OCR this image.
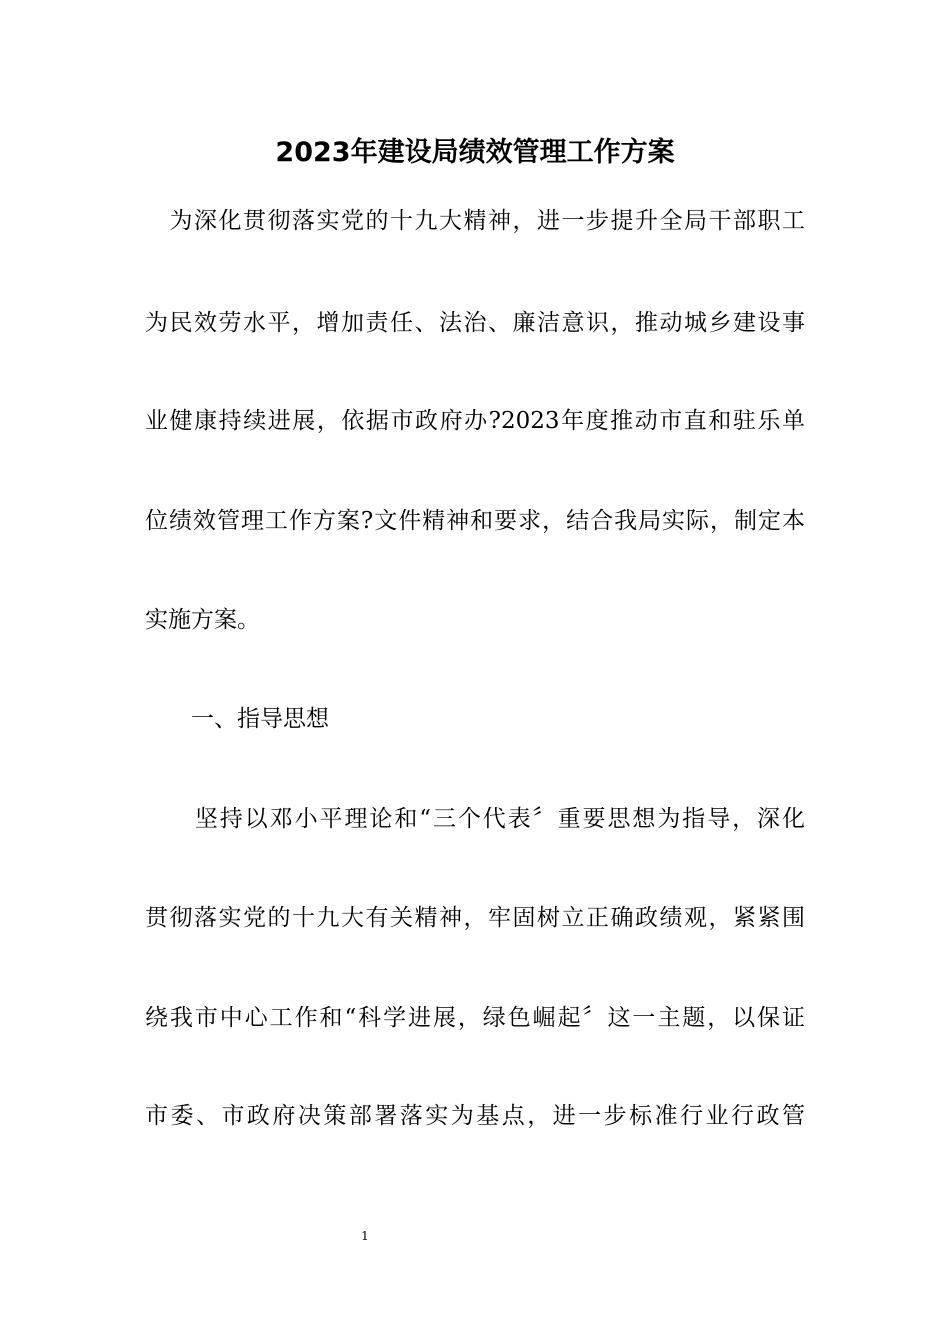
2023年建设局绩效管理工作方案

　为深化贯彻落实党的十九大精神，进一步提升全局干部职工

为民效劳水平，增加责任、法治、廉洁意识，推动城乡建设事

业健康持续进展，依据市政府办?2023年度推动市直和驻乐单

位绩效管理工作方案?文件精神和要求，结合我局实际，制定本

实施方案。

　　一、指导思想

　　坚持以邓小平理论和“三个代表〞重要思想为指导，深化

贯彻落实党的十九大有关精神，牢固树立正确政绩观，紧紧围

绕我市中心工作和“科学进展，绿色崛起〞这一主题，以保证

市委、市政府决策部署落实为基点，进一步标准行业行政管

1
